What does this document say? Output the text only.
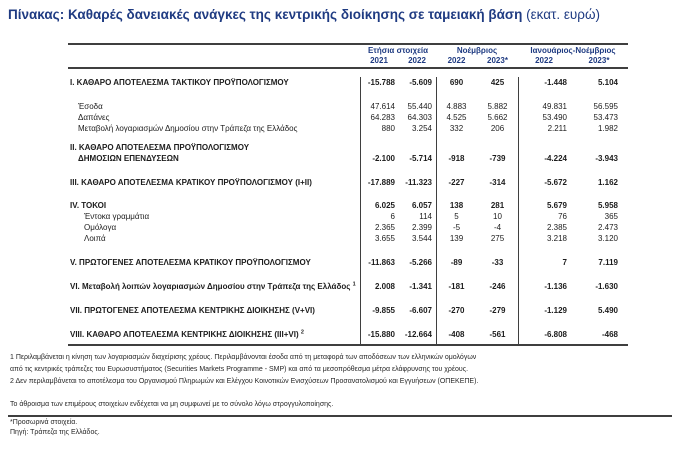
Πίνακας: Καθαρές δανειακές ανάγκες της κεντρικής διοίκησης σε ταμειακή βάση (εκατ. ευρώ)
Ετήσια στοιχεία	Νοέμβριος	Ιανουάριος-Νοέμβριος
2021	2022	2022	2023*	2022	2023*
I. ΚΑΘΑΡΟ ΑΠΟΤΕΛΕΣΜΑ ΤΑΚΤΙΚΟΥ ΠΡΟΫΠΟΛΟΓΙΣΜΟΥ	-15.788	-5.609	690	425	-1.448	5.104
Έσοδα	47.614	55.440	4.883	5.882	49.831	56.595
Δαπάνες	64.283	64.303	4.525	5.662	53.490	53.473
Μεταβολή λογαριασμών Δημοσίου στην Τράπεζα της Ελλάδος	880	3.254	332	206	2.211	1.982
II. ΚΑΘΑΡΟ ΑΠΟΤΕΛΕΣΜΑ ΠΡΟΫΠΟΛΟΓΙΣΜΟΥ
ΔΗΜΟΣΙΩΝ ΕΠΕΝΔΥΣΕΩΝ	-2.100	-5.714	-918	-739	-4.224	-3.943
III. ΚΑΘΑΡΟ ΑΠΟΤΕΛΕΣΜΑ ΚΡΑΤΙΚΟΥ ΠΡΟΫΠΟΛΟΓΙΣΜΟΥ (I+II)	-17.889	-11.323	-227	-314	-5.672	1.162
IV. ΤΟΚΟΙ	6.025	6.057	138	281	5.679	5.958
Έντοκα γραμμάτια	6	114	5	10	76	365
Ομόλογα	2.365	2.399	-5	-4	2.385	2.473
Λοιπά	3.655	3.544	139	275	3.218	3.120
V. ΠΡΩΤΟΓΕΝΕΣ ΑΠΟΤΕΛΕΣΜΑ ΚΡΑΤΙΚΟΥ ΠΡΟΫΠΟΛΟΓΙΣΜΟΥ	-11.863	-5.266	-89	-33	7	7.119
VI. Μεταβολή λοιπών λογαριασμών Δημοσίου στην Τράπεζα της Ελλάδος $^1$	2.008	-1.341	-181	-246	-1.136	-1.630
VII. ΠΡΩΤΟΓΕΝΕΣ ΑΠΟΤΕΛΕΣΜΑ ΚΕΝΤΡΙΚΗΣ ΔΙΟΙΚΗΣΗΣ (V+VI)	-9.855	-6.607	-270	-279	-1.129	5.490
VIII. ΚΑΘΑΡΟ ΑΠΟΤΕΛΕΣΜΑ ΚΕΝΤΡΙΚΗΣ ΔΙΟΙΚΗΣΗΣ (III+VI) $^2$	-15.880	-12.664	-408	-561	-6.808	-468
1 Περιλαμβάνεται η κίνηση των λογαριασμών διαχείρισης χρέους. Περιλαμβάνονται έσοδα από τη μεταφορά των αποδόσεων των ελληνικών ομολόγων
από τις κεντρικές τράπεζες του Ευρωσυστήματος (Securities Markets Programme - SMP) και από τα μεσοπρόθεσμα μέτρα ελάφρυνσης του χρέους.
2 Δεν περιλαμβάνεται το αποτέλεσμα του Οργανισμού Πληρωμών και Ελέγχου Κοινοτικών Ενισχύσεων Προσανατολισμού και Εγγυήσεων (ΟΠΕΚΕΠΕ).
Το άθροισμα των επιμέρους στοιχείων ενδέχεται να μη συμφωνεί με το σύνολο λόγω στρογγυλοποίησης.
*Προσωρινά στοιχεία.
Πηγή: Τράπεζα της Ελλάδος.
